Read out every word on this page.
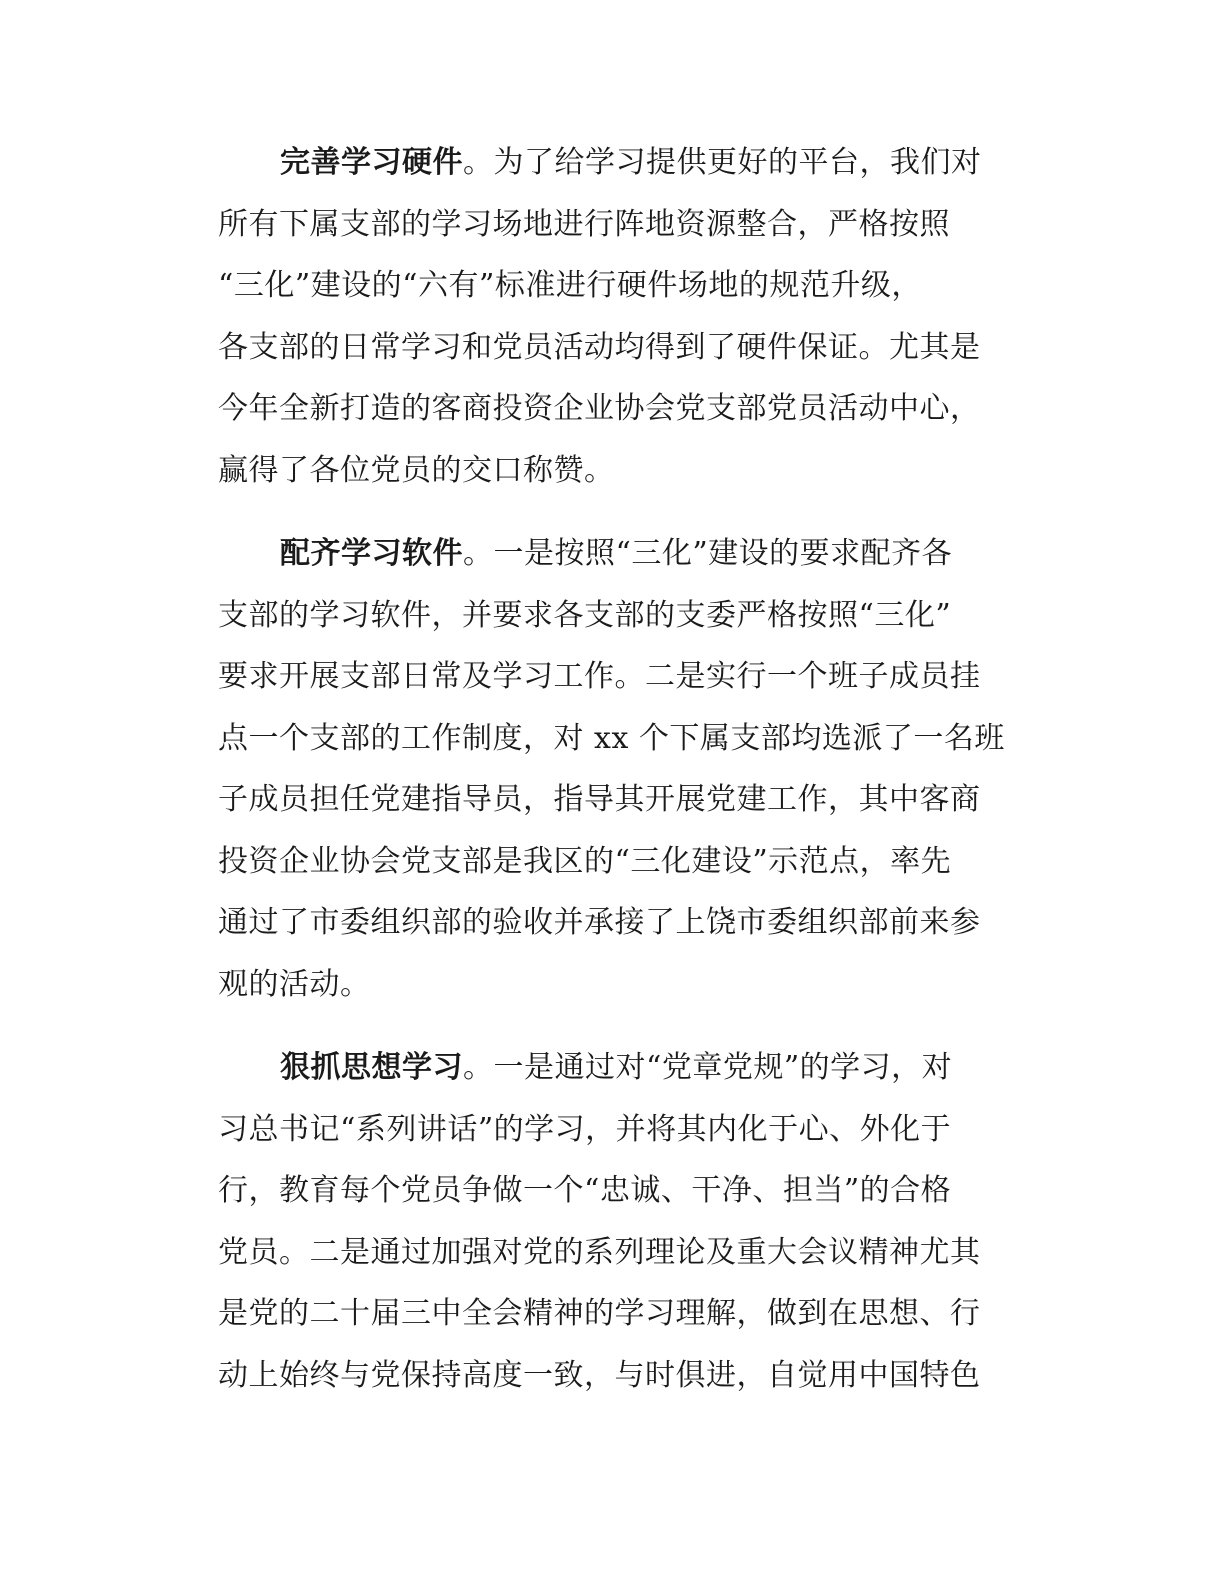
完善学习硬件。为了给学习提供更好的平台，我们对
所有下属支部的学习场地进行阵地资源整合，严格按照
“三化”建设的“六有”标准进行硬件场地的规范升级，
各支部的日常学习和党员活动均得到了硬件保证。尤其是
今年全新打造的客商投资企业协会党支部党员活动中心，
赢得了各位党员的交口称赞。

配齐学习软件。一是按照“三化”建设的要求配齐各
支部的学习软件，并要求各支部的支委严格按照“三化”
要求开展支部日常及学习工作。二是实行一个班子成员挂
点一个支部的工作制度，对 xx 个下属支部均选派了一名班
子成员担任党建指导员，指导其开展党建工作，其中客商
投资企业协会党支部是我区的“三化建设”示范点，率先
通过了市委组织部的验收并承接了上饶市委组织部前来参
观的活动。

狠抓思想学习。一是通过对“党章党规”的学习，对
习总书记“系列讲话”的学习，并将其内化于心、外化于
行，教育每个党员争做一个“忠诚、干净、担当”的合格
党员。二是通过加强对党的系列理论及重大会议精神尤其
是党的二十届三中全会精神的学习理解，做到在思想、行
动上始终与党保持高度一致，与时俱进，自觉用中国特色
